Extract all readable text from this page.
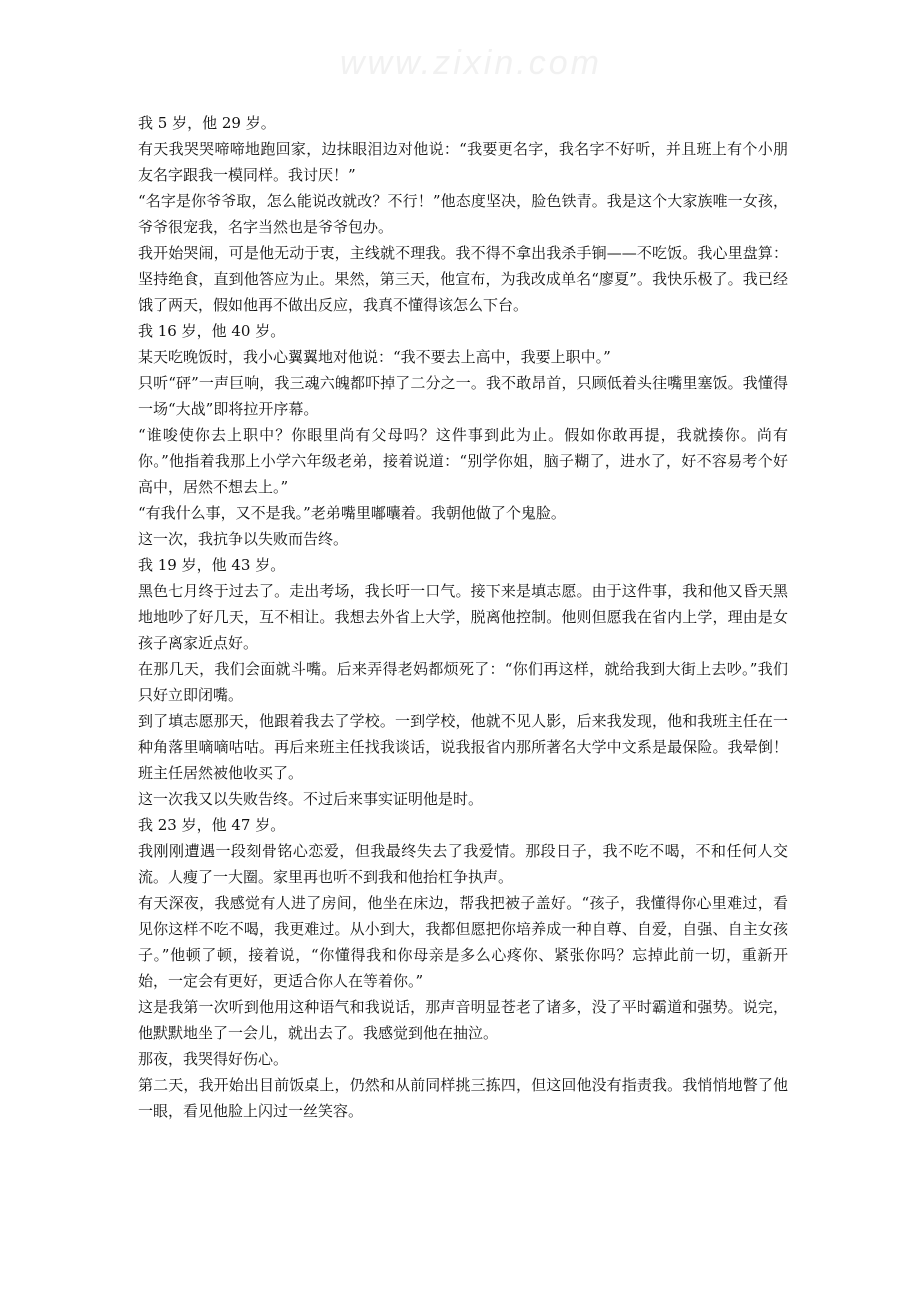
www.zixin.com

我 5 岁，他 29 岁。

有天我哭哭啼啼地跑回家，边抹眼泪边对他说：“我要更名字，我名字不好听，并且班上有个小朋友名字跟我一模同样。我讨厌！”

“名字是你爷爷取，怎么能说改就改？不行！”他态度坚决，脸色铁青。我是这个大家族唯一女孩，爷爷很宠我，名字当然也是爷爷包办。

我开始哭闹，可是他无动于衷，主线就不理我。我不得不拿出我杀手锏——不吃饭。我心里盘算：坚持绝食，直到他答应为止。果然，第三天，他宣布，为我改成单名“廖夏”。我快乐极了。我已经饿了两天，假如他再不做出反应，我真不懂得该怎么下台。

我 16 岁，他 40 岁。

某天吃晚饭时，我小心翼翼地对他说：“我不要去上高中，我要上职中。”

只听“砰”一声巨响，我三魂六魄都吓掉了二分之一。我不敢昂首，只顾低着头往嘴里塞饭。我懂得一场“大战”即将拉开序幕。

“谁唆使你去上职中？你眼里尚有父母吗？这件事到此为止。假如你敢再提，我就揍你。尚有你。”他指着我那上小学六年级老弟，接着说道：“别学你姐，脑子糊了，进水了，好不容易考个好高中，居然不想去上。”

“有我什么事，又不是我。”老弟嘴里嘟囔着。我朝他做了个鬼脸。

这一次，我抗争以失败而告终。

我 19 岁，他 43 岁。

黑色七月终于过去了。走出考场，我长吁一口气。接下来是填志愿。由于这件事，我和他又昏天黑地地吵了好几天，互不相让。我想去外省上大学，脱离他控制。他则但愿我在省内上学，理由是女孩子离家近点好。

在那几天，我们会面就斗嘴。后来弄得老妈都烦死了：“你们再这样，就给我到大街上去吵。”我们只好立即闭嘴。

到了填志愿那天，他跟着我去了学校。一到学校，他就不见人影，后来我发现，他和我班主任在一种角落里嘀嘀咕咕。再后来班主任找我谈话，说我报省内那所著名大学中文系是最保险。我晕倒！班主任居然被他收买了。

这一次我又以失败告终。不过后来事实证明他是时。

我 23 岁，他 47 岁。

我刚刚遭遇一段刻骨铭心恋爱，但我最终失去了我爱情。那段日子，我不吃不喝，不和任何人交流。人瘦了一大圈。家里再也听不到我和他抬杠争执声。

有天深夜，我感觉有人进了房间，他坐在床边，帮我把被子盖好。“孩子，我懂得你心里难过，看见你这样不吃不喝，我更难过。从小到大，我都但愿把你培养成一种自尊、自爱，自强、自主女孩子。”他顿了顿，接着说，“你懂得我和你母亲是多么心疼你、紧张你吗？忘掉此前一切，重新开始，一定会有更好，更适合你人在等着你。”

这是我第一次听到他用这种语气和我说话，那声音明显苍老了诸多，没了平时霸道和强势。说完，他默默地坐了一会儿，就出去了。我感觉到他在抽泣。

那夜，我哭得好伤心。

第二天，我开始出目前饭桌上，仍然和从前同样挑三拣四，但这回他没有指责我。我悄悄地瞥了他一眼，看见他脸上闪过一丝笑容。
